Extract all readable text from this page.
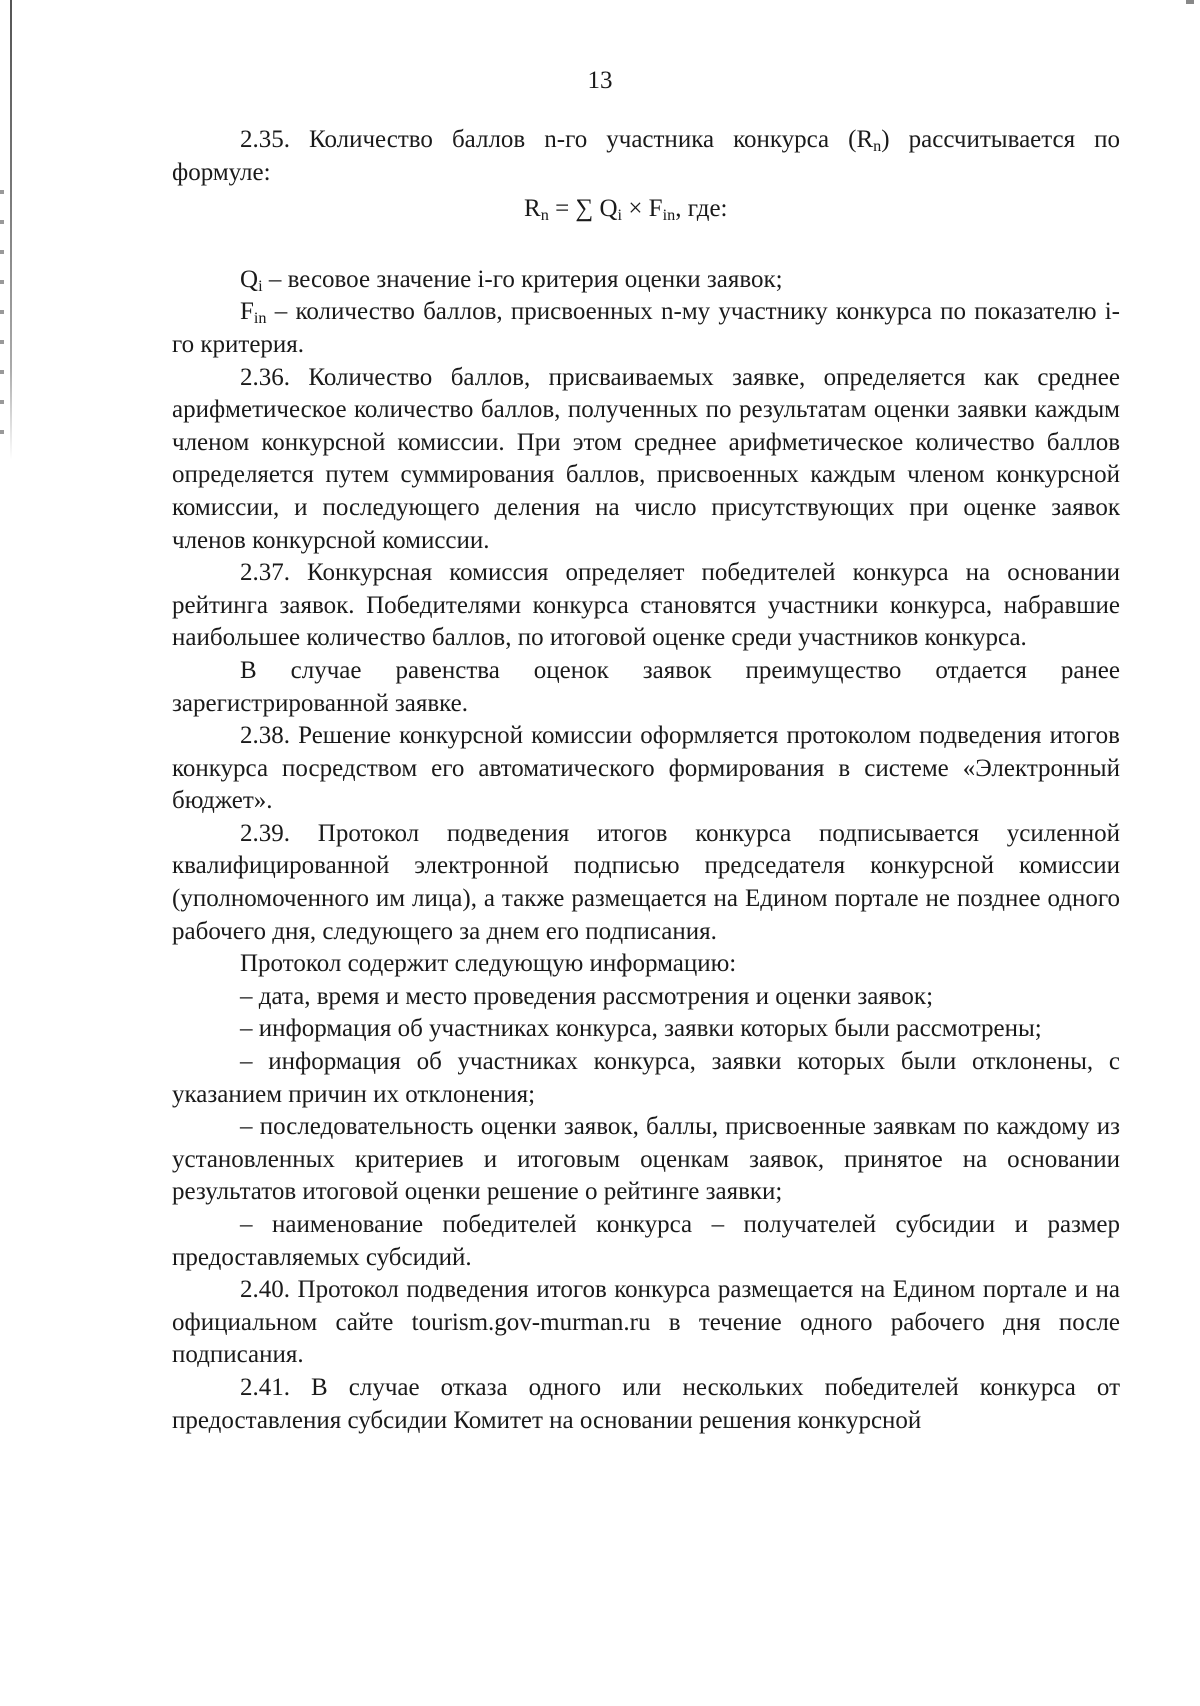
13

2.35. Количество баллов n-го участника конкурса $(R_n)$ рассчитывается по формуле:

$R_n$ = ∑ $Q_i \times F_{in}$, где:

$Q_i$ – весовое значение i-го критерия оценки заявок;

$F_{in}$ – количество баллов, присвоенных n-му участнику конкурса по показателю i-го критерия.

2.36. Количество баллов, присваиваемых заявке, определяется как среднее арифметическое количество баллов, полученных по результатам оценки заявки каждым членом конкурсной комиссии. При этом среднее арифметическое количество баллов определяется путем суммирования баллов, присвоенных каждым членом конкурсной комиссии, и последующего деления на число присутствующих при оценке заявок членов конкурсной комиссии.

2.37. Конкурсная комиссия определяет победителей конкурса на основании рейтинга заявок. Победителями конкурса становятся участники конкурса, набравшие наибольшее количество баллов, по итоговой оценке среди участников конкурса.

В случае равенства оценок заявок преимущество отдается ранее зарегистрированной заявке.

2.38. Решение конкурсной комиссии оформляется протоколом подведения итогов конкурса посредством его автоматического формирования в системе «Электронный бюджет».

2.39. Протокол подведения итогов конкурса подписывается усиленной квалифицированной электронной подписью председателя конкурсной комиссии (уполномоченного им лица), а также размещается на Едином портале не позднее одного рабочего дня, следующего за днем его подписания.

Протокол содержит следующую информацию:

– дата, время и место проведения рассмотрения и оценки заявок;

– информация об участниках конкурса, заявки которых были рассмотрены;

– информация об участниках конкурса, заявки которых были отклонены, с указанием причин их отклонения;

– последовательность оценки заявок, баллы, присвоенные заявкам по каждому из установленных критериев и итоговым оценкам заявок, принятое на основании результатов итоговой оценки решение о рейтинге заявки;

– наименование победителей конкурса – получателей субсидии и размер предоставляемых субсидий.

2.40. Протокол подведения итогов конкурса размещается на Едином портале и на официальном сайте tourism.gov-murman.ru в течение одного рабочего дня после подписания.

2.41. В случае отказа одного или нескольких победителей конкурса от предоставления субсидии Комитет на основании решения конкурсной
